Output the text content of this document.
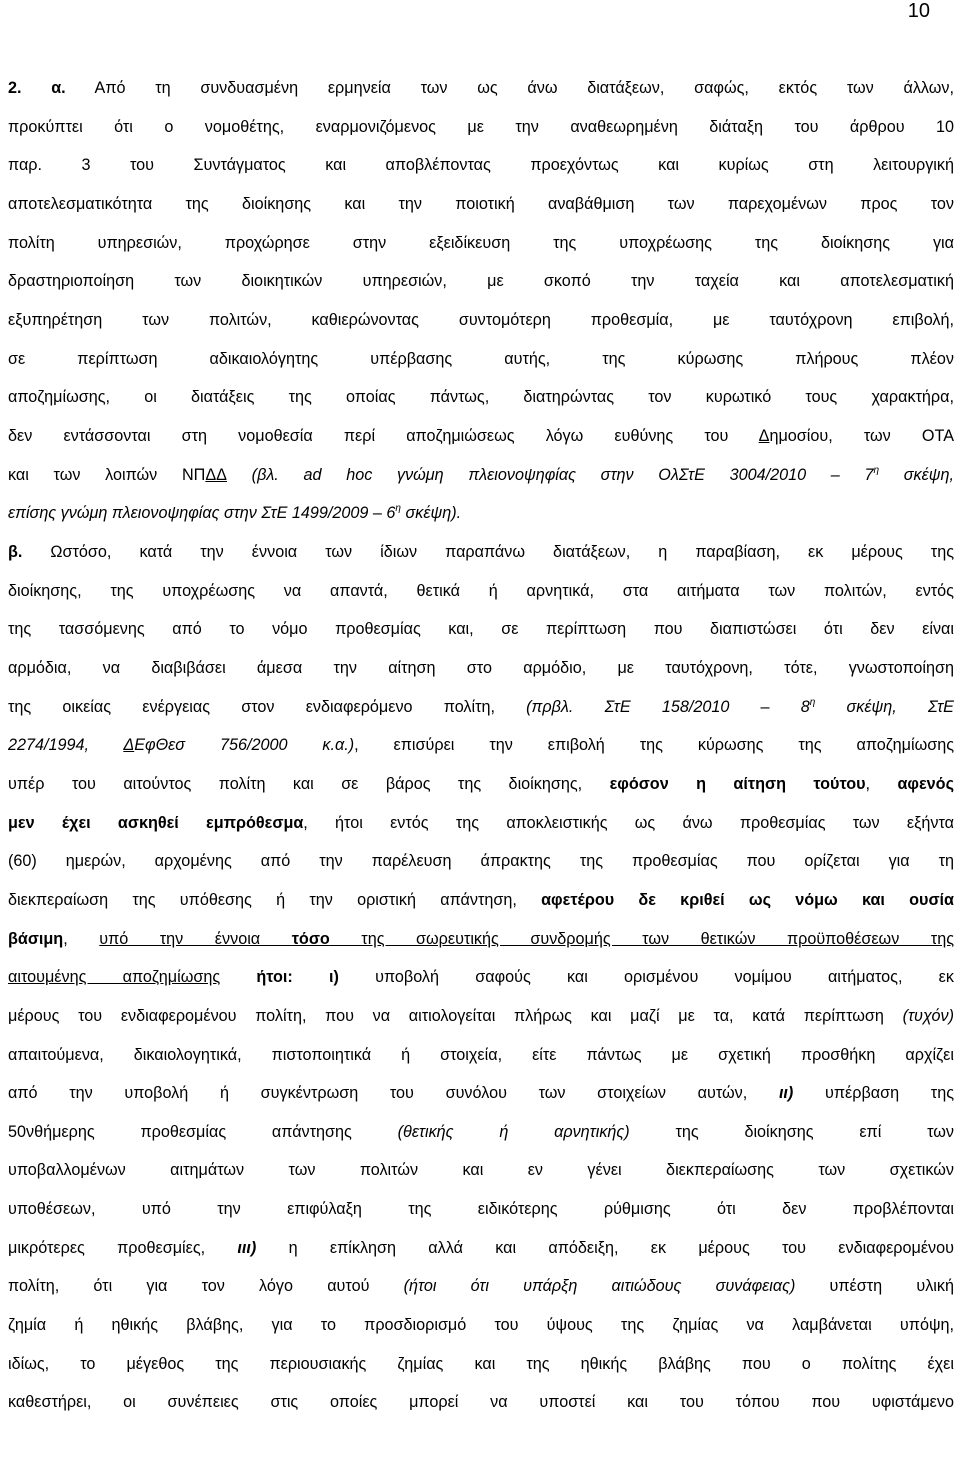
10
2. α. Από τη συνδυασμένη ερμηνεία των ως άνω διατάξεων, σαφώς, εκτός των άλλων,
προκύπτει ότι ο νομοθέτης, εναρμονιζόμενος με την αναθεωρημένη διάταξη του άρθρου 10
παρ. 3 του Συντάγματος και αποβλέποντας προεχόντως και κυρίως στη λειτουργική
αποτελεσματικότητα της διοίκησης και την ποιοτική αναβάθμιση των παρεχομένων προς τον
πολίτη υπηρεσιών, προχώρησε στην εξειδίκευση της υποχρέωσης της διοίκησης για
δραστηριοποίηση των διοικητικών υπηρεσιών, με σκοπό την ταχεία και αποτελεσματική
εξυπηρέτηση των πολιτών, καθιερώνοντας συντομότερη προθεσμία, με ταυτόχρονη επιβολή,
σε περίπτωση αδικαιολόγητης υπέρβασης αυτής, της κύρωσης πλήρους πλέον
αποζημίωσης, οι διατάξεις της οποίας πάντως, διατηρώντας τον κυρωτικό τους χαρακτήρα,
δεν εντάσσονται στη νομοθεσία περί αποζημιώσεως λόγω ευθύνης του Δημοσίου, των ΟΤΑ
και των λοιπών ΝΠΔΔ (βλ. ad hoc γνώμη πλειονοψηφίας στην ΟλΣτΕ $3004/2010 - 7^\eta$ σκέψη,
επίσης γνώμη πλειονοψηφίας στην ΣτΕ $1499/2009 - 6^\eta$ σκέψη).
β. Ωστόσο, κατά την έννοια των ίδιων παραπάνω διατάξεων, η παραβίαση, εκ μέρους της
διοίκησης, της υποχρέωσης να απαντά, θετικά ή αρνητικά, στα αιτήματα των πολιτών, εντός
της τασσόμενης από το νόμο προθεσμίας και, σε περίπτωση που διαπιστώσει ότι δεν είναι
αρμόδια, να διαβιβάσει άμεσα την αίτηση στο αρμόδιο, με ταυτόχρονη, τότε, γνωστοποίηση
της οικείας ενέργειας στον ενδιαφερόμενο πολίτη, (πρβλ. ΣτΕ $158/2010 - 8^\eta$ σκέψη, ΣτΕ
2274/1994, ΔΕφΘεσ 756/2000 κ.α.), επισύρει την επιβολή της κύρωσης της αποζημίωσης
υπέρ του αιτούντος πολίτη και σε βάρος της διοίκησης, εφόσον η αίτηση τούτου, αφενός
μεν έχει ασκηθεί εμπρόθεσμα, ήτοι εντός της αποκλειστικής ως άνω προθεσμίας των εξήντα
(60) ημερών, αρχομένης από την παρέλευση άπρακτης της προθεσμίας που ορίζεται για τη
διεκπεραίωση της υπόθεσης ή την οριστική απάντηση, αφετέρου δε κριθεί ως νόμω και ουσία
βάσιμη, υπό την έννοια τόσο της σωρευτικής συνδρομής των θετικών προϋποθέσεων της
αιτουμένης αποζημίωσης ήτοι: ι) υποβολή σαφούς και ορισμένου νομίμου αιτήματος, εκ
μέρους του ενδιαφερομένου πολίτη, που να αιτιολογείται πλήρως και μαζί με τα, κατά περίπτωση (τυχόν)
απαιτούμενα, δικαιολογητικά, πιστοποιητικά ή στοιχεία, είτε πάντως με σχετική προσθήκη αρχίζει
από την υποβολή ή συγκέντρωση του συνόλου των στοιχείων αυτών, ιι) υπέρβαση της
50νθήμερης προθεσμίας απάντησης (θετικής ή αρνητικής) της διοίκησης επί των
υποβαλλομένων αιτημάτων των πολιτών και εν γένει διεκπεραίωσης των σχετικών
υποθέσεων, υπό την επιφύλαξη της ειδικότερης ρύθμισης ότι δεν προβλέπονται
μικρότερες προθεσμίες, ιιι) η επίκληση αλλά και απόδειξη, εκ μέρους του ενδιαφερομένου
πολίτη, ότι για τον λόγο αυτού (ήτοι ότι υπάρξη αιτιώδους συνάφειας) υπέστη υλική
ζημία ή ηθικής βλάβης, για το προσδιορισμό του ύψους της ζημίας να λαμβάνεται υπόψη,
ιδίως, το μέγεθος της περιουσιακής ζημίας και της ηθικής βλάβης που ο πολίτης έχει
καθεστήρει, οι συνέπειες στις οποίες μπορεί να υποστεί και του τόπου που υφιστάμενο
